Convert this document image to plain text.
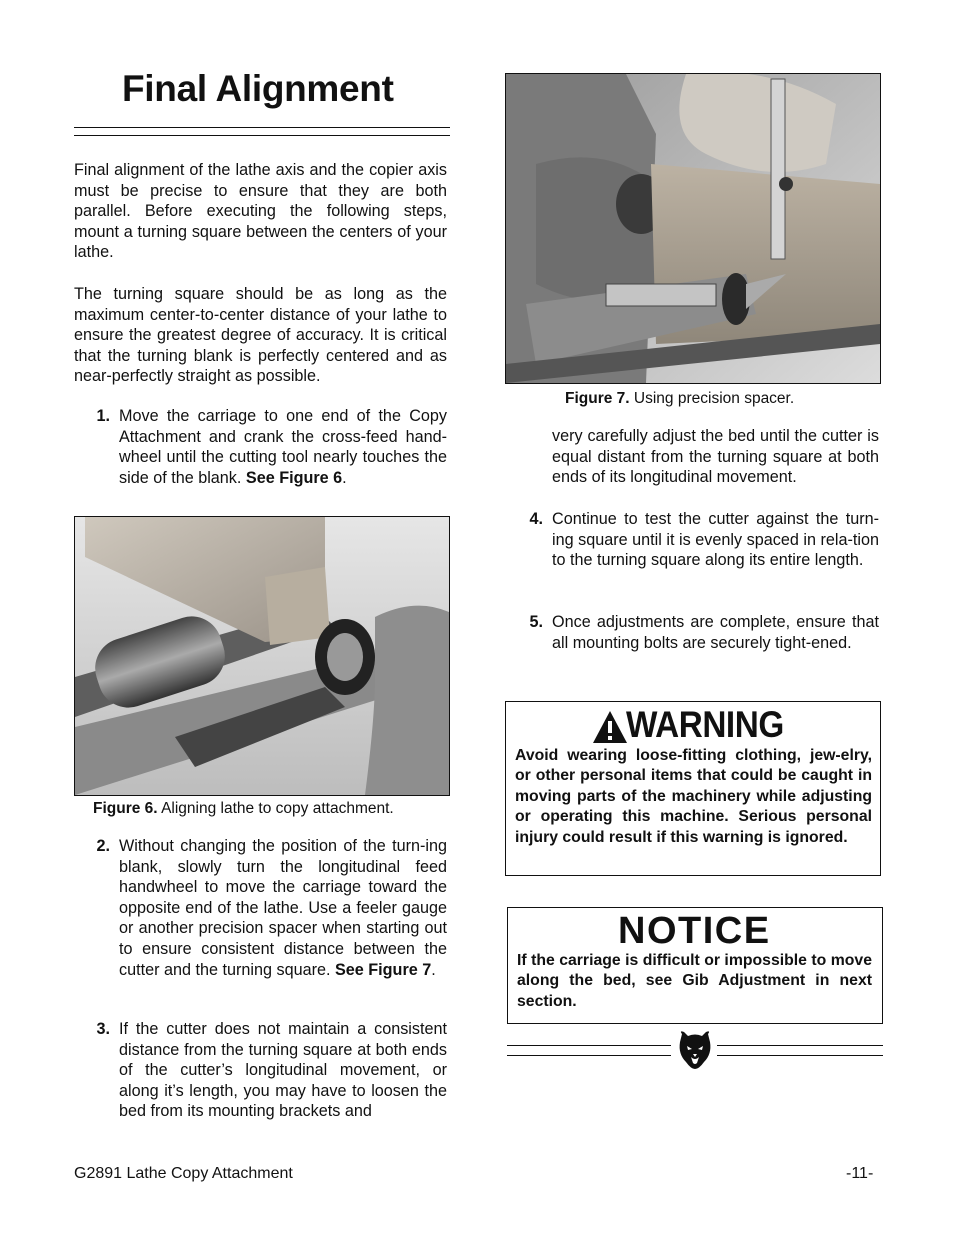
Final Alignment

Final alignment of the lathe axis and the copier axis must be precise to ensure that they are both parallel. Before executing the following steps, mount a turning square between the centers of your lathe.

The turning square should be as long as the maximum center-to-center distance of your lathe to ensure the greatest degree of accuracy. It is critical that the turning blank is perfectly centered and as near-perfectly straight as possible.

1. Move the carriage to one end of the Copy Attachment and crank the cross-feed hand-wheel until the cutting tool nearly touches the side of the blank. See Figure 6.
Figure 6. Aligning lathe to copy attachment.
2. Without changing the position of the turn-ing blank, slowly turn the longitudinal feed handwheel to move the carriage toward the opposite end of the lathe. Use a feeler gauge or another precision spacer when starting out to ensure consistent distance between the cutter and the turning square. See Figure 7.
3. If the cutter does not maintain a consistent distance from the turning square at both ends of the cutter’s longitudinal movement, or along it’s length, you may have to loosen the bed from its mounting brackets and
Figure 7. Using precision spacer.
very carefully adjust the bed until the cutter is equal distant from the turning square at both ends of its longitudinal movement.
4. Continue to test the cutter against the turn-ing square until it is evenly spaced in rela-tion to the turning square along its entire length.
5. Once adjustments are complete, ensure that all mounting bolts are securely tight-ened.
WARNING
Avoid wearing loose-fitting clothing, jew-elry, or other personal items that could be caught in moving parts of the machinery while adjusting or operating this machine. Serious personal injury could result if this warning is ignored.
NOTICE
If the carriage is difficult or impossible to move along the bed, see Gib Adjustment in next section.
G2891 Lathe Copy Attachment	-11-
